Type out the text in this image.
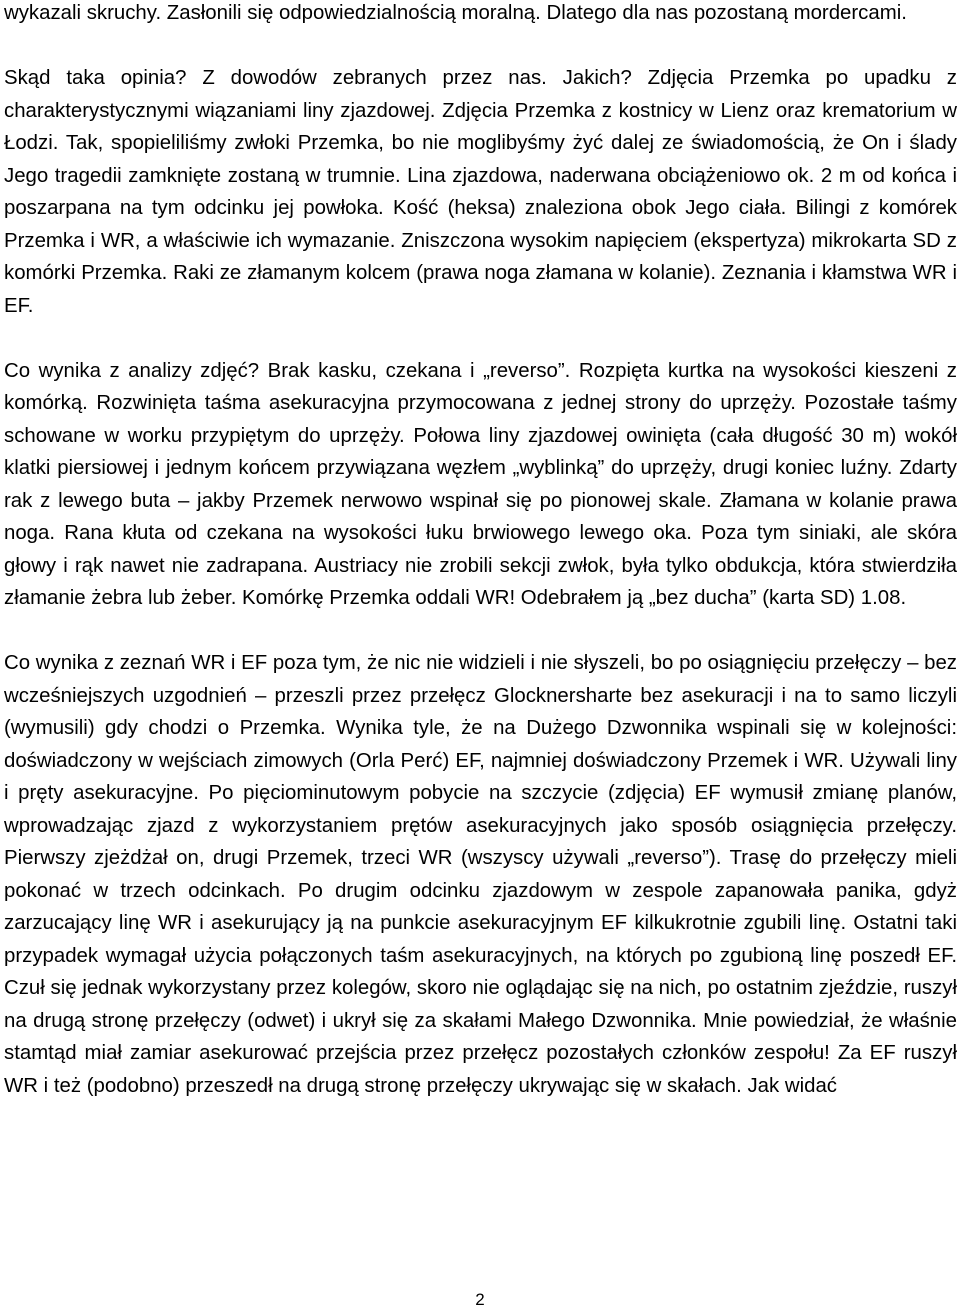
wykazali skruchy. Zasłonili się odpowiedzialnością moralną. Dlatego dla nas pozostaną mordercami.

Skąd taka opinia? Z dowodów zebranych przez nas. Jakich? Zdjęcia Przemka po upadku z charakterystycznymi wiązaniami liny zjazdowej. Zdjęcia Przemka z kostnicy w Lienz oraz krematorium w Łodzi. Tak, spopieliliśmy zwłoki Przemka, bo nie moglibyśmy żyć dalej ze świadomością, że On i ślady Jego tragedii zamknięte zostaną w trumnie. Lina zjazdowa, naderwana obciążeniowo ok. 2 m od końca i poszarpana na tym odcinku jej powłoka. Kość (heksa) znaleziona obok Jego ciała. Bilingi z komórek Przemka i WR, a właściwie ich wymazanie. Zniszczona wysokim napięciem (ekspertyza) mikrokarta SD z komórki Przemka. Raki ze złamanym kolcem (prawa noga złamana w kolanie). Zeznania i kłamstwa WR i EF.

Co wynika z analizy zdjęć? Brak kasku, czekana i „reverso”. Rozpięta kurtka na wysokości kieszeni z komórką. Rozwinięta taśma asekuracyjna przymocowana z jednej strony do uprzęży. Pozostałe taśmy schowane w worku przypiętym do uprzęży. Połowa liny zjazdowej owinięta (cała długość 30 m) wokół klatki piersiowej i jednym końcem przywiązana węzłem „wyblinką” do uprzęży, drugi koniec luźny. Zdarty rak z lewego buta – jakby Przemek nerwowo wspinał się po pionowej skale. Złamana w kolanie prawa noga. Rana kłuta od czekana na wysokości łuku brwiowego lewego oka. Poza tym siniaki, ale skóra głowy i rąk nawet nie zadrapana. Austriacy nie zrobili sekcji zwłok, była tylko obdukcja, która stwierdziła złamanie żebra lub żeber. Komórkę Przemka oddali WR! Odebrałem ją „bez ducha” (karta SD) 1.08.

Co wynika z zeznań WR i EF poza tym, że nic nie widzieli i nie słyszeli, bo po osiągnięciu przełęczy – bez wcześniejszych uzgodnień – przeszli przez przełęcz Glocknersharte bez asekuracji i na to samo liczyli (wymusili) gdy chodzi o Przemka. Wynika tyle, że na Dużego Dzwonnika wspinali się w kolejności: doświadczony w wejściach zimowych (Orla Perć) EF, najmniej doświadczony Przemek i WR. Używali liny i pręty asekuracyjne. Po pięciominutowym pobycie na szczycie (zdjęcia) EF wymusił zmianę planów, wprowadzając zjazd z wykorzystaniem prętów asekuracyjnych jako sposób osiągnięcia przełęczy. Pierwszy zjeżdżał on, drugi Przemek, trzeci WR (wszyscy używali „reverso”). Trasę do przełęczy mieli pokonać w trzech odcinkach. Po drugim odcinku zjazdowym w zespole zapanowała panika, gdyż zarzucający linę WR i asekurujący ją na punkcie asekuracyjnym EF kilkukrotnie zgubili linę. Ostatni taki przypadek wymagał użycia połączonych taśm asekuracyjnych, na których po zgubioną linę poszedł EF. Czuł się jednak wykorzystany przez kolegów, skoro nie oglądając się na nich, po ostatnim zjeździe, ruszył na drugą stronę przełęczy (odwet) i ukrył się za skałami Małego Dzwonnika. Mnie powiedział, że właśnie stamtąd miał zamiar asekurować przejścia przez przełęcz pozostałych członków zespołu! Za EF ruszył WR i też (podobno) przeszedł na drugą stronę przełęczy ukrywając się w skałach. Jak widać

2
